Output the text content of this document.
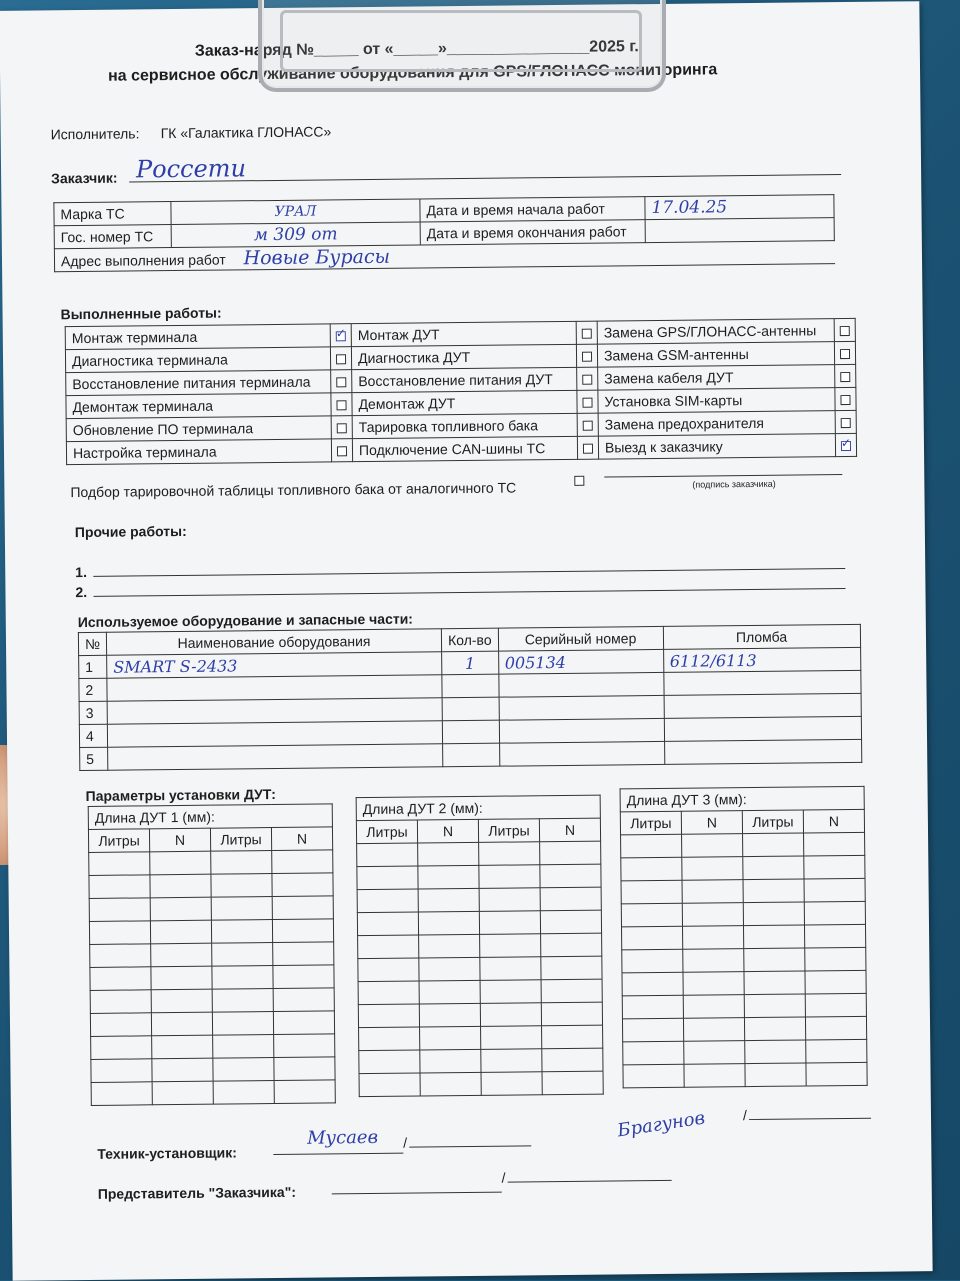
Заказ-наряд №_____ от «_____»________________2025 г.
на сервисное обслуживание оборудования для GPS/ГЛОНАСС мониторинга
Исполнитель: ГК «Галактика ГЛОНАСС»
Заказчик: Россети
Марка ТС	УРАЛ	Дата и время начала работ	17.04.25
Гос. номер ТС	м 309 от	Дата и время окончания работ	
Адрес выполнения работ Новые Бурасы			
Выполненные работы:
Монтаж терминала	✓	Монтаж ДУТ		Замена GPS/ГЛОНАСС-антенны	
Диагностика терминала		Диагностика ДУТ		Замена GSM-антенны	
Восстановление питания терминала		Восстановление питания ДУТ		Замена кабеля ДУТ	
Демонтаж терминала		Демонтаж ДУТ		Установка SIM-карты	
Обновление ПО терминала		Тарировка топливного бака		Замена предохранителя	
Настройка терминала		Подключение CAN-шины ТС		Выезд к заказчику	✓
Подбор тарировочной таблицы топливного бака от аналогичного ТС	(подпись заказчика)
Прочие работы:
1.
2.
Используемое оборудование и запасные части:
№	Наименование оборудования	Кол-во	Серийный номер	Пломба
1	SMART S-2433	1	005134	6112/6113
2				
3				
4				
5				
Параметры установки ДУТ:
Длина ДУТ 1 (мм):			
Литры	N	Литры	N

Длина ДУТ 2 (мм):			
Литры	N	Литры	N

Длина ДУТ 3 (мм):			
Литры	N	Литры	N

Техник-установщик:
/
Мусаев	Брагунов	/
Представитель "Заказчика":
/
